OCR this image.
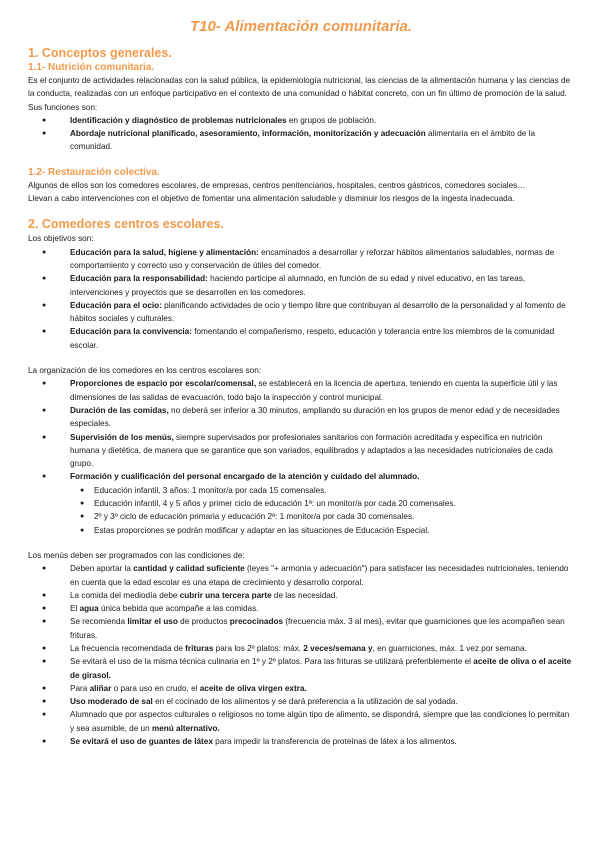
T10- Alimentación comunitaria.
1. Conceptos generales.
1.1- Nutrición comunitaria.

Es el conjunto de actividades relacionadas con la salud pública, la epidemiología nutricional, las ciencias de la alimentación humana y las ciencias de la conducta, realizadas con un enfoque participativo en el contexto de una comunidad o hábitat concreto, con un fin último de promoción de la salud. Sus funciones son:

● Identificación y diagnóstico de problemas nutricionales en grupos de población.
● Abordaje nutricional planificado, asesoramiento, información, monitorización y adecuación alimentaria en el ámbito de la comunidad.
1.2- Restauración colectiva.

Algunos de ellos son los comedores escolares, de empresas, centros penitenciarios, hospitales, centros gástricos, comedores sociales…

Llevan a cabo intervenciones con el objetivo de fomentar una alimentación saludable y disminuir los riesgos de la ingesta inadecuada.

2. Comedores centros escolares.

Los objetivos son:

● Educación para la salud, higiene y alimentación: encaminados a desarrollar y reforzar hábitos alimentarios saludables, normas de comportamiento y correcto uso y conservación de útiles del comedor.
● Educación para la responsabilidad: haciendo participe al alumnado, en función de su edad y nivel educativo, en las tareas, intervenciones y proyectos que se desarrollen en los comedores.
● Educación para el ocio: planificando actividades de ocio y tiempo libre que contribuyan al desarrollo de la personalidad y al fomento de hábitos sociales y culturales.
● Educación para la convivencia: fomentando el compañerismo, respeto, educación y tolerancia entre los miembros de la comunidad escolar.

La organización de los comedores en los centros escolares son:

● Proporciones de espacio por escolar/comensal, se establecerá en la licencia de apertura, teniendo en cuenta la superficie útil y las dimensiones de las salidas de evacuación, todo bajo la inspección y control municipal.
● Duración de las comidas, no deberá ser inferior a 30 minutos, ampliando su duración en los grupos de menor edad y de necesidades especiales.
● Supervisión de los menús, siempre supervisados por profesionales sanitarios con formación acreditada y específica en nutrición humana y dietética, de manera que se garantice que son variados, equilibrados y adaptados a las necesidades nutricionales de cada grupo.
● Formación y cualificación del personal encargado de la atención y cuidado del alumnado.
● Educación infantil, 3 años: 1 monitor/a por cada 15 comensales.
● Educación infantil, 4 y 5 años y primer ciclo de educación 1ª: un monitor/a por cada 20 comensales.
● 2º y 3º ciclo de educación primaria y educación 2ª: 1 monitor/a por cada 30 comensales.
● Estas proporciones se podrán modificar y adaptar en las situaciones de Educación Especial.

Los menús deben ser programados con las condiciones de:

● Deben aportar la cantidad y calidad suficiente (leyes "+ armonía y adecuación") para satisfacer las necesidades nutricionales, teniendo en cuenta que la edad escolar es una etapa de crecimiento y desarrollo corporal.
● La comida del mediodía debe cubrir una tercera parte de las necesidad.
● El agua única bebida que acompañe a las comidas.
● Se recomienda limitar el uso de productos precocinados (frecuencia máx. 3 al mes), evitar que guarniciones que les acompañen sean frituras.
● La frecuencia recomendada de frituras para los 2º platos: máx. 2 veces/semana y, en guarniciones, máx. 1 vez por semana.
● Se evitará el uso de la misma técnica culinaria en 1º y 2º platos. Para las frituras se utilizará preferiblemente el aceite de oliva o el aceite de girasol.
● Para aliñar o para uso en crudo, el aceite de oliva virgen extra.
● Uso moderado de sal en el cocinado de los alimentos y se dará preferencia a la utilización de sal yodada.
● Alumnado que por aspectos culturales o religiosos no tome algún tipo de alimento, se dispondrá, siempre que las condiciones lo permitan y sea asumible, de un menú alternativo.
● Se evitará el uso de guantes de látex para impedir la transferencia de proteínas de látex a los alimentos.
